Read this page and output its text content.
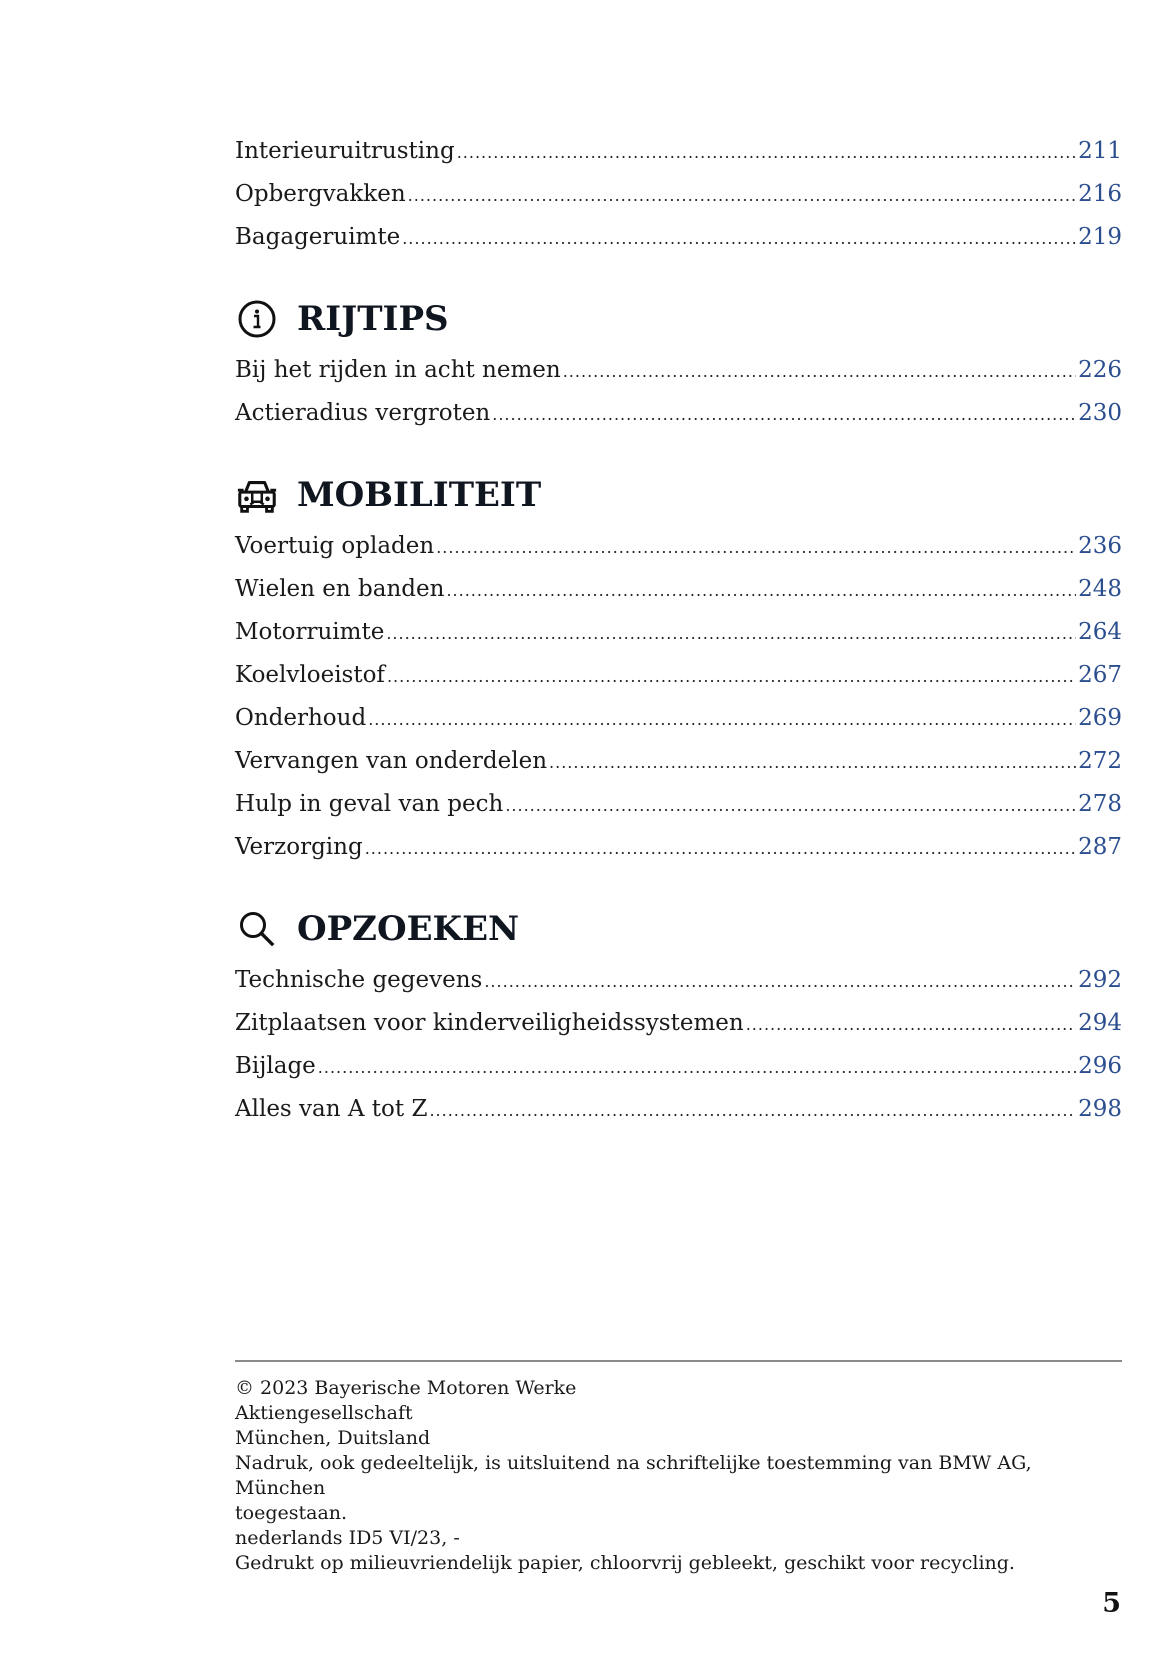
Interieuruitrusting .....	211
Opbergvakken .....	216
Bagageruimte .....	219
RIJTIPS
Bij het rijden in acht nemen .....	226
Actieradius vergroten .....	230
MOBILITEIT
Voertuig opladen .....	236
Wielen en banden .....	248
Motorruimte .....	264
Koelvloeistof .....	267
Onderhoud .....	269
Vervangen van onderdelen .....	272
Hulp in geval van pech .....	278
Verzorging .....	287
OPZOEKEN
Technische gegevens .....	292
Zitplaatsen voor kinderveiligheidssystemen .....	294
Bijlage .....	296
Alles van A tot Z .....	298
© 2023 Bayerische Motoren Werke
Aktiengesellschaft
München, Duitsland
Nadruk, ook gedeeltelijk, is uitsluitend na schriftelijke toestemming van BMW AG, München
toegestaan.
nederlands ID5 VI/23, -
Gedrukt op milieuvriendelijk papier, chloorvrij gebleekt, geschikt voor recycling.
5
